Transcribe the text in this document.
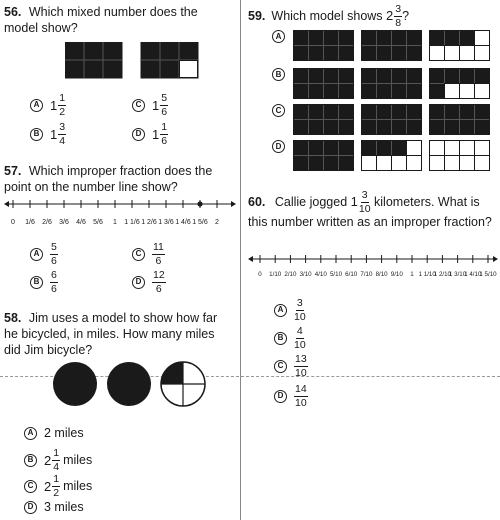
56. Which mixed number does the model show?
A 1 1
2
C 1 5
6
B 1 3
4
D 1 1
6
57. Which improper fraction does the point on the number line show?
0	1	2
1/6 2/6 3/6 4/6 5/6	1 1/6 1 2/6 1 3/6 1 4/6 1 5/6
A
5
6
C
11
6
B
6
6
D
12
6
58. Jim uses a model to show how far he bicycled, in miles. How many miles did Jim bicycle?
A 2 miles
B 2 1
4 miles
C 2 1
2 miles
D 3 miles
59. Which model shows 2 3
8 ?
A
B
C
D
60. Callie jogged 1 3
10 kilometers. What is this number written as an improper fraction?
0 1/10 2/10 3/10 4/10 5/10 6/10 7/10 8/10 9/10 1 1 1/10
1 2/10
1 3/10
1 4/10
1 5/10
A
3
10
B
4
10
C
13
10
D
14
10
